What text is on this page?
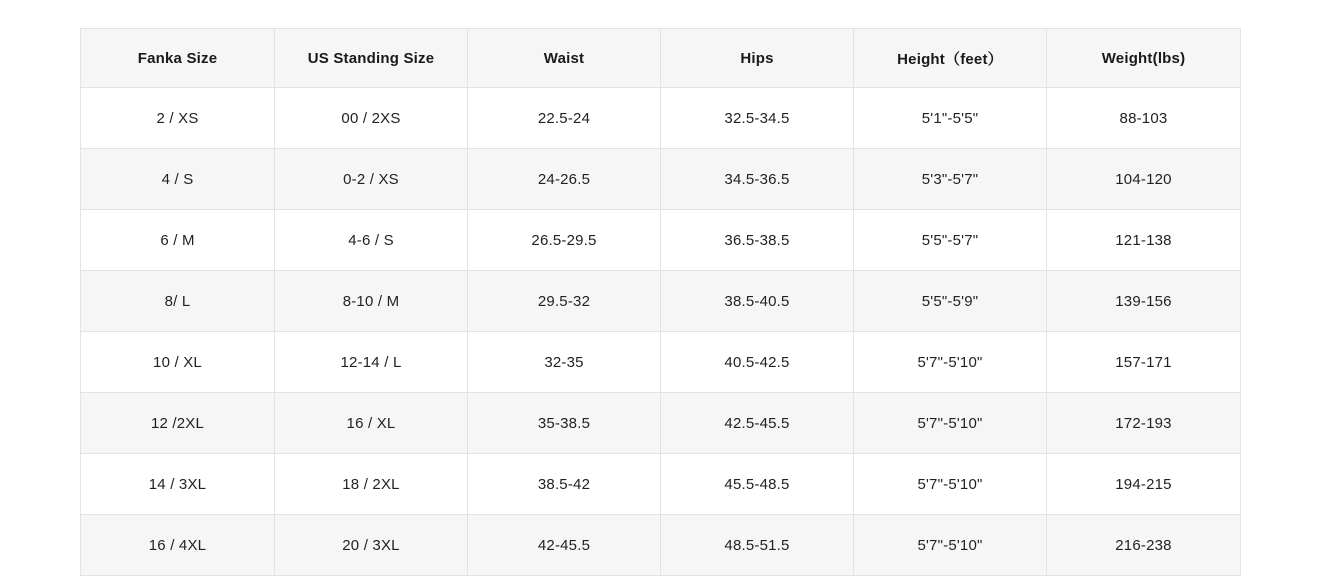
Fanka Size	US Standing Size	Waist	Hips	Height（feet）	Weight(lbs)
2 / XS	00 / 2XS	22.5-24	32.5-34.5	5'1"-5'5"	88-103
4 / S	0-2 / XS	24-26.5	34.5-36.5	5'3"-5'7"	104-120
6 / M	4-6 / S	26.5-29.5	36.5-38.5	5'5"-5'7"	121-138
8/ L	8-10 / M	29.5-32	38.5-40.5	5'5"-5'9"	139-156
10 / XL	12-14 / L	32-35	40.5-42.5	5'7"-5'10"	157-171
12 /2XL	16 / XL	35-38.5	42.5-45.5	5'7"-5'10"	172-193
14 / 3XL	18 / 2XL	38.5-42	45.5-48.5	5'7"-5'10"	194-215
16 / 4XL	20 / 3XL	42-45.5	48.5-51.5	5'7"-5'10"	216-238
